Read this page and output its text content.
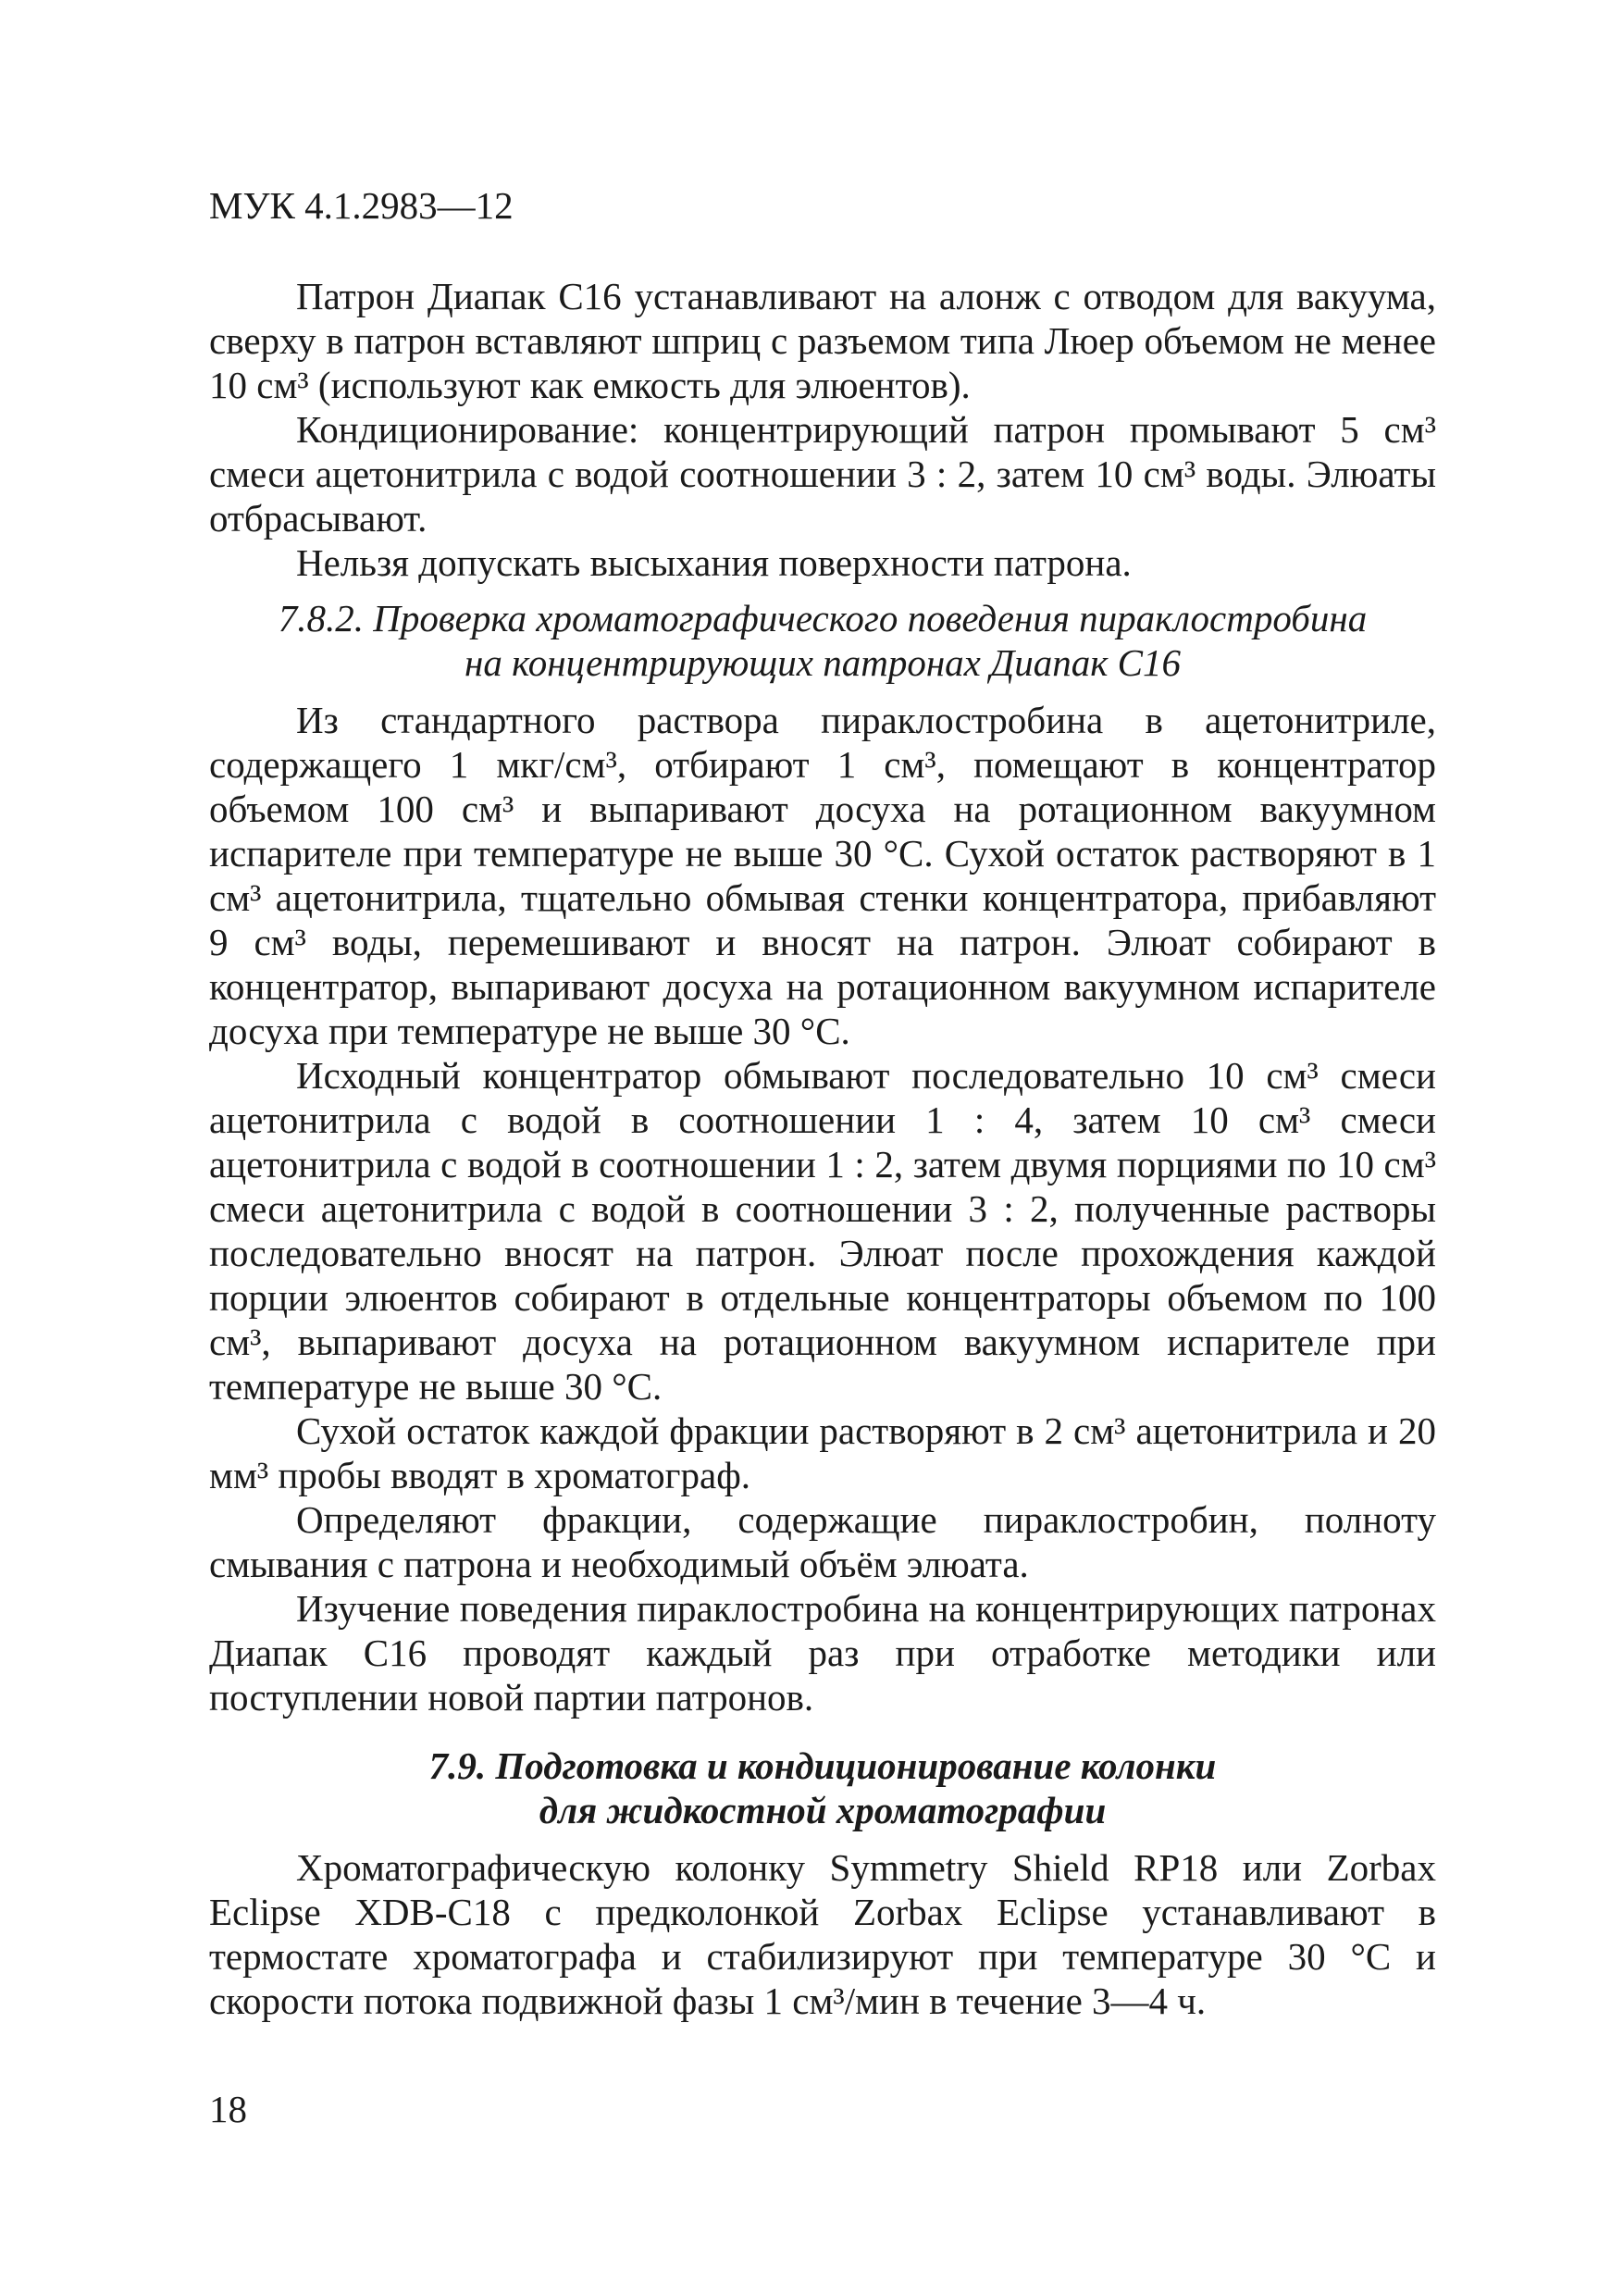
МУК 4.1.2983—12

Патрон Диапак С16 устанавливают на алонж с отводом для вакуума, сверху в патрон вставляют шприц с разъемом типа Люер объемом не менее 10 см³ (используют как емкость для элюентов).

Кондиционирование: концентрирующий патрон промывают 5 см³ смеси ацетонитрила с водой соотношении 3 : 2, затем 10 см³ воды. Элюаты отбрасывают.

Нельзя допускать высыхания поверхности патрона.

7.8.2. Проверка хроматографического поведения пираклостробина
на концентрирующих патронах Диапак С16

Из стандартного раствора пираклостробина в ацетонитриле, содержащего 1 мкг/см³, отбирают 1 см³, помещают в концентратор объемом 100 см³ и выпаривают досуха на ротационном вакуумном испарителе при температуре не выше 30 °С. Сухой остаток растворяют в 1 см³ ацетонитрила, тщательно обмывая стенки концентратора, прибавляют 9 см³ воды, перемешивают и вносят на патрон. Элюат собирают в концентратор, выпаривают досуха на ротационном вакуумном испарителе досуха при температуре не выше 30 °С.

Исходный концентратор обмывают последовательно 10 см³ смеси ацетонитрила с водой в соотношении 1 : 4, затем 10 см³ смеси ацетонитрила с водой в соотношении 1 : 2, затем двумя порциями по 10 см³ смеси ацетонитрила с водой в соотношении 3 : 2, полученные растворы последовательно вносят на патрон. Элюат после прохождения каждой порции элюентов собирают в отдельные концентраторы объемом по 100 см³, выпаривают досуха на ротационном вакуумном испарителе при температуре не выше 30 °С.

Сухой остаток каждой фракции растворяют в 2 см³ ацетонитрила и 20 мм³ пробы вводят в хроматограф.

Определяют фракции, содержащие пираклостробин, полноту смывания с патрона и необходимый объём элюата.

Изучение поведения пираклостробина на концентрирующих патронах Диапак С16 проводят каждый раз при отработке методики или поступлении новой партии патронов.

7.9. Подготовка и кондиционирование колонки
для жидкостной хроматографии

Хроматографическую колонку Symmetry Shield RP18 или Zorbax Eclipse XDB-C18 с предколонкой Zorbax Eclipse устанавливают в термостате хроматографа и стабилизируют при температуре 30 °С и скорости потока подвижной фазы 1 см³/мин в течение 3—4 ч.

18
